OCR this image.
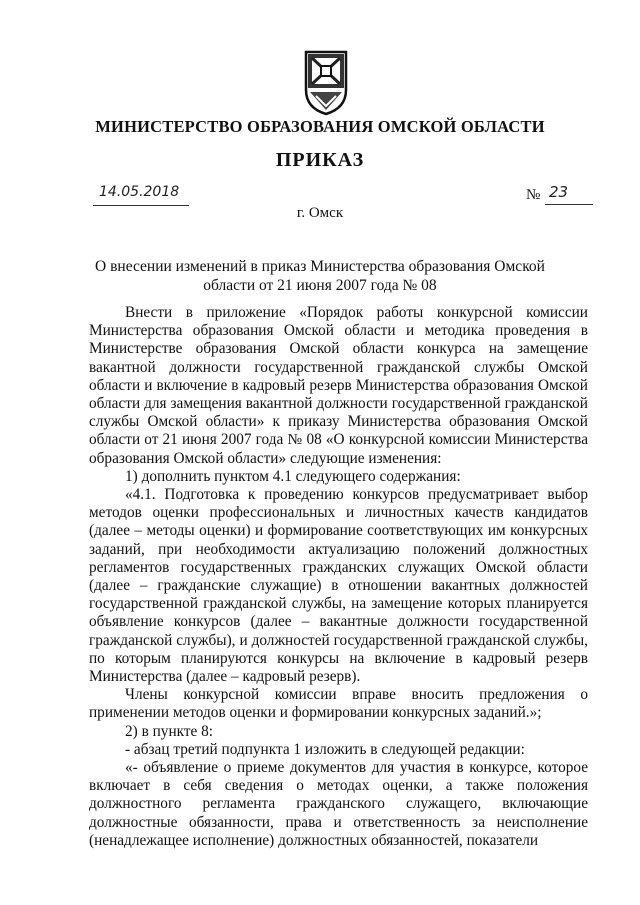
МИНИСТЕРСТВО ОБРАЗОВАНИЯ ОМСКОЙ ОБЛАСТИ
ПРИКАЗ
14.05.2018	№ 23
г. Омск
О внесении изменений в приказ Министерства образования Омской области от 21 июня 2007 года № 08

Внести в приложение «Порядок работы конкурсной комиссии Министерства образования Омской области и методика проведения в Министерстве образования Омской области конкурса на замещение вакантной должности государственной гражданской службы Омской области и включение в кадровый резерв Министерства образования Омской области для замещения вакантной должности государственной гражданской службы Омской области» к приказу Министерства образования Омской области от 21 июня 2007 года № 08 «О конкурсной комиссии Министерства образования Омской области» следующие изменения:

1) дополнить пунктом 4.1 следующего содержания:

«4.1. Подготовка к проведению конкурсов предусматривает выбор методов оценки профессиональных и личностных качеств кандидатов (далее – методы оценки) и формирование соответствующих им конкурсных заданий, при необходимости актуализацию положений должностных регламентов государственных гражданских служащих Омской области (далее – гражданские служащие) в отношении вакантных должностей государственной гражданской службы, на замещение которых планируется объявление конкурсов (далее – вакантные должности государственной гражданской службы), и должностей государственной гражданской службы, по которым планируются конкурсы на включение в кадровый резерв Министерства (далее – кадровый резерв).

Члены конкурсной комиссии вправе вносить предложения о применении методов оценки и формировании конкурсных заданий.»;

2) в пункте 8:

- абзац третий подпункта 1 изложить в следующей редакции:

«- объявление о приеме документов для участия в конкурсе, которое включает в себя сведения о методах оценки, а также положения должностного регламента гражданского служащего, включающие должностные обязанности, права и ответственность за неисполнение (ненадлежащее исполнение) должностных обязанностей, показатели
